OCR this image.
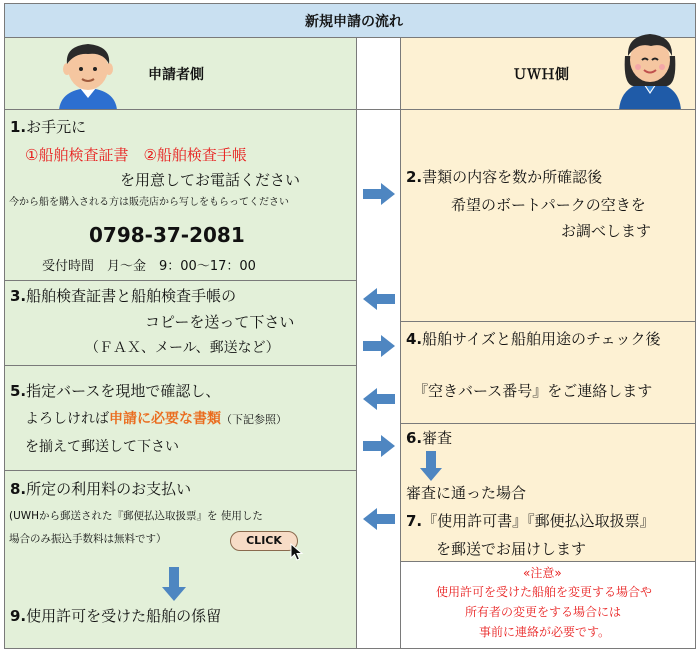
新規申請の流れ
申請者側	ＵＷＨ側
1.お手元に
①船舶検査証書　②船舶検査手帳
を用意してお電話ください
今から船を購入される方は販売店から写しをもらってください
0798-37-2081
受付時間　月～金　9：00～17：00
3.船舶検査証書と船舶検査手帳の
コピーを送って下さい
（ＦＡＸ、メール、郵送など）
5.指定バースを現地で確認し、
よろしければ申請に必要な書類（下記参照）
を揃えて郵送して下さい
8.所定の利用料のお支払い
(UWHから郵送された『郵便払込取扱票』を 使用した
場合のみ振込手数料は無料です）
9.使用許可を受けた船舶の係留
CLICK
2.書類の内容を数か所確認後
希望のボートパークの空きを
お調べします
4.船舶サイズと船舶用途のチェック後
『空きバース番号』をご連絡します
6.審査
審査に通った場合
7.『使用許可書』『郵便払込取扱票』
を郵送でお届けします
«注意»
使用許可を受けた船舶を変更する場合や
所有者の変更をする場合には
事前に連絡が必要です。
